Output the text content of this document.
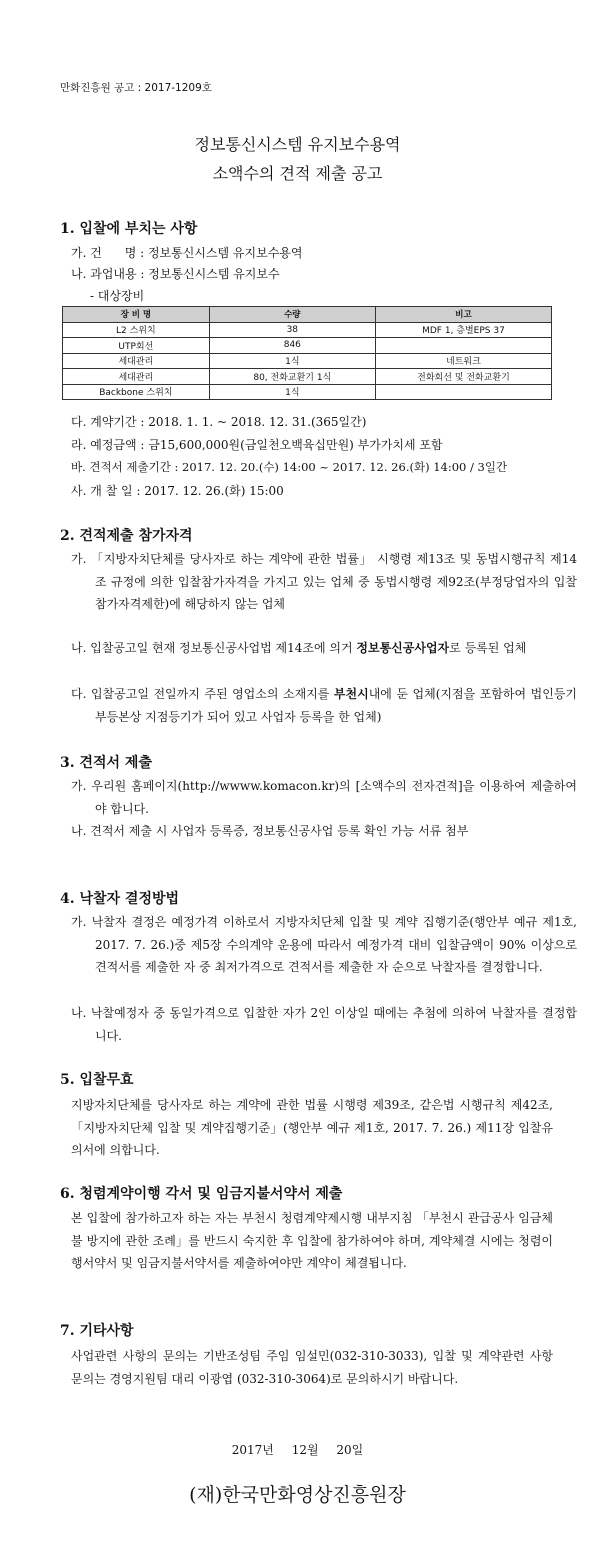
만화진흥원 공고 : 2017-1209호
정보통신시스템 유지보수용역
소액수의 견적 제출 공고
1. 입찰에 부치는 사항
가. 건      명 : 정보통신시스템 유지보수용역
나. 과업내용 : 정보통신시스템 유지보수
- 대상장비
장 비 명	수량	비고
L2 스위치	38	MDF 1, 층별EPS 37
UTP회선	846	
세대관리	1식	네트워크
세대관리	80, 전화교환기 1식	전화회선 및 전화교환기
Backbone 스위치	1식	
다. 계약기간 : 2018. 1. 1. ~ 2018. 12. 31.(365일간)
라. 예정금액 : 금15,600,000원(금일천오백육십만원) 부가가치세 포함
바. 견적서 제출기간 : 2017. 12. 20.(수) 14:00 ~ 2017. 12. 26.(화) 14:00 / 3일간
사. 개 찰 일 : 2017. 12. 26.(화) 15:00
2. 견적제출 참가자격
가. 「지방자치단체를 당사자로 하는 계약에 관한 법률」 시행령 제13조 및 동법시행규칙 제14조 규정에 의한 입찰참가자격을 가지고 있는 업체 중 동법시행령 제92조(부정당업자의 입찰참가자격제한)에 해당하지 않는 업체
나. 입찰공고일 현재 정보통신공사업법 제14조에 의거 정보통신공사업자로 등록된 업체
다. 입찰공고일 전일까지 주된 영업소의 소재지를 부천시내에 둔 업체(지점을 포함하여 법인등기부등본상 지점등기가 되어 있고 사업자 등록을 한 업체)
3. 견적서 제출
가. 우리원 홈페이지(http://wwww.komacon.kr)의 [소액수의 전자견적]을 이용하여 제출하여야 합니다.
나. 견적서 제출 시 사업자 등록증, 정보통신공사업 등록 확인 가능 서류 첨부
4. 낙찰자 결정방법
가. 낙찰자 결정은 예정가격 이하로서 지방자치단체 입찰 및 계약 집행기준(행안부 예규 제1호, 2017. 7. 26.)중 제5장 수의계약 운용에 따라서 예정가격 대비 입찰금액이 90% 이상으로 견적서를 제출한 자 중 최저가격으로 견적서를 제출한 자 순으로 낙찰자를 결정합니다.
나. 낙찰예정자 중 동일가격으로 입찰한 자가 2인 이상일 때에는 추첨에 의하여 낙찰자를 결정합니다.
5. 입찰무효
지방자치단체를 당사자로 하는 계약에 관한 법률 시행령 제39조, 같은법 시행규칙 제42조, 「지방자치단체 입찰 및 계약집행기준」(행안부 예규 제1호, 2017. 7. 26.) 제11장 입찰유의서에 의합니다.
6. 청렴계약이행 각서 및 임금지불서약서 제출
본 입찰에 참가하고자 하는 자는 부천시 청렴계약제시행 내부지침 「부천시 관급공사 임금체불 방지에 관한 조례」를 반드시 숙지한 후 입찰에 참가하여야 하며, 계약체결 시에는 청렴이행서약서 및 임금지불서약서를 제출하여야만 계약이 체결됩니다.
7. 기타사항
사업관련 사항의 문의는 기반조성팀 주임 임설민(032-310-3033), 입찰 및 계약관련 사항 문의는 경영지원팀 대리 이광엽 (032-310-3064)로 문의하시기 바랍니다.
2017년 12월 20일
(재)한국만화영상진흥원장
